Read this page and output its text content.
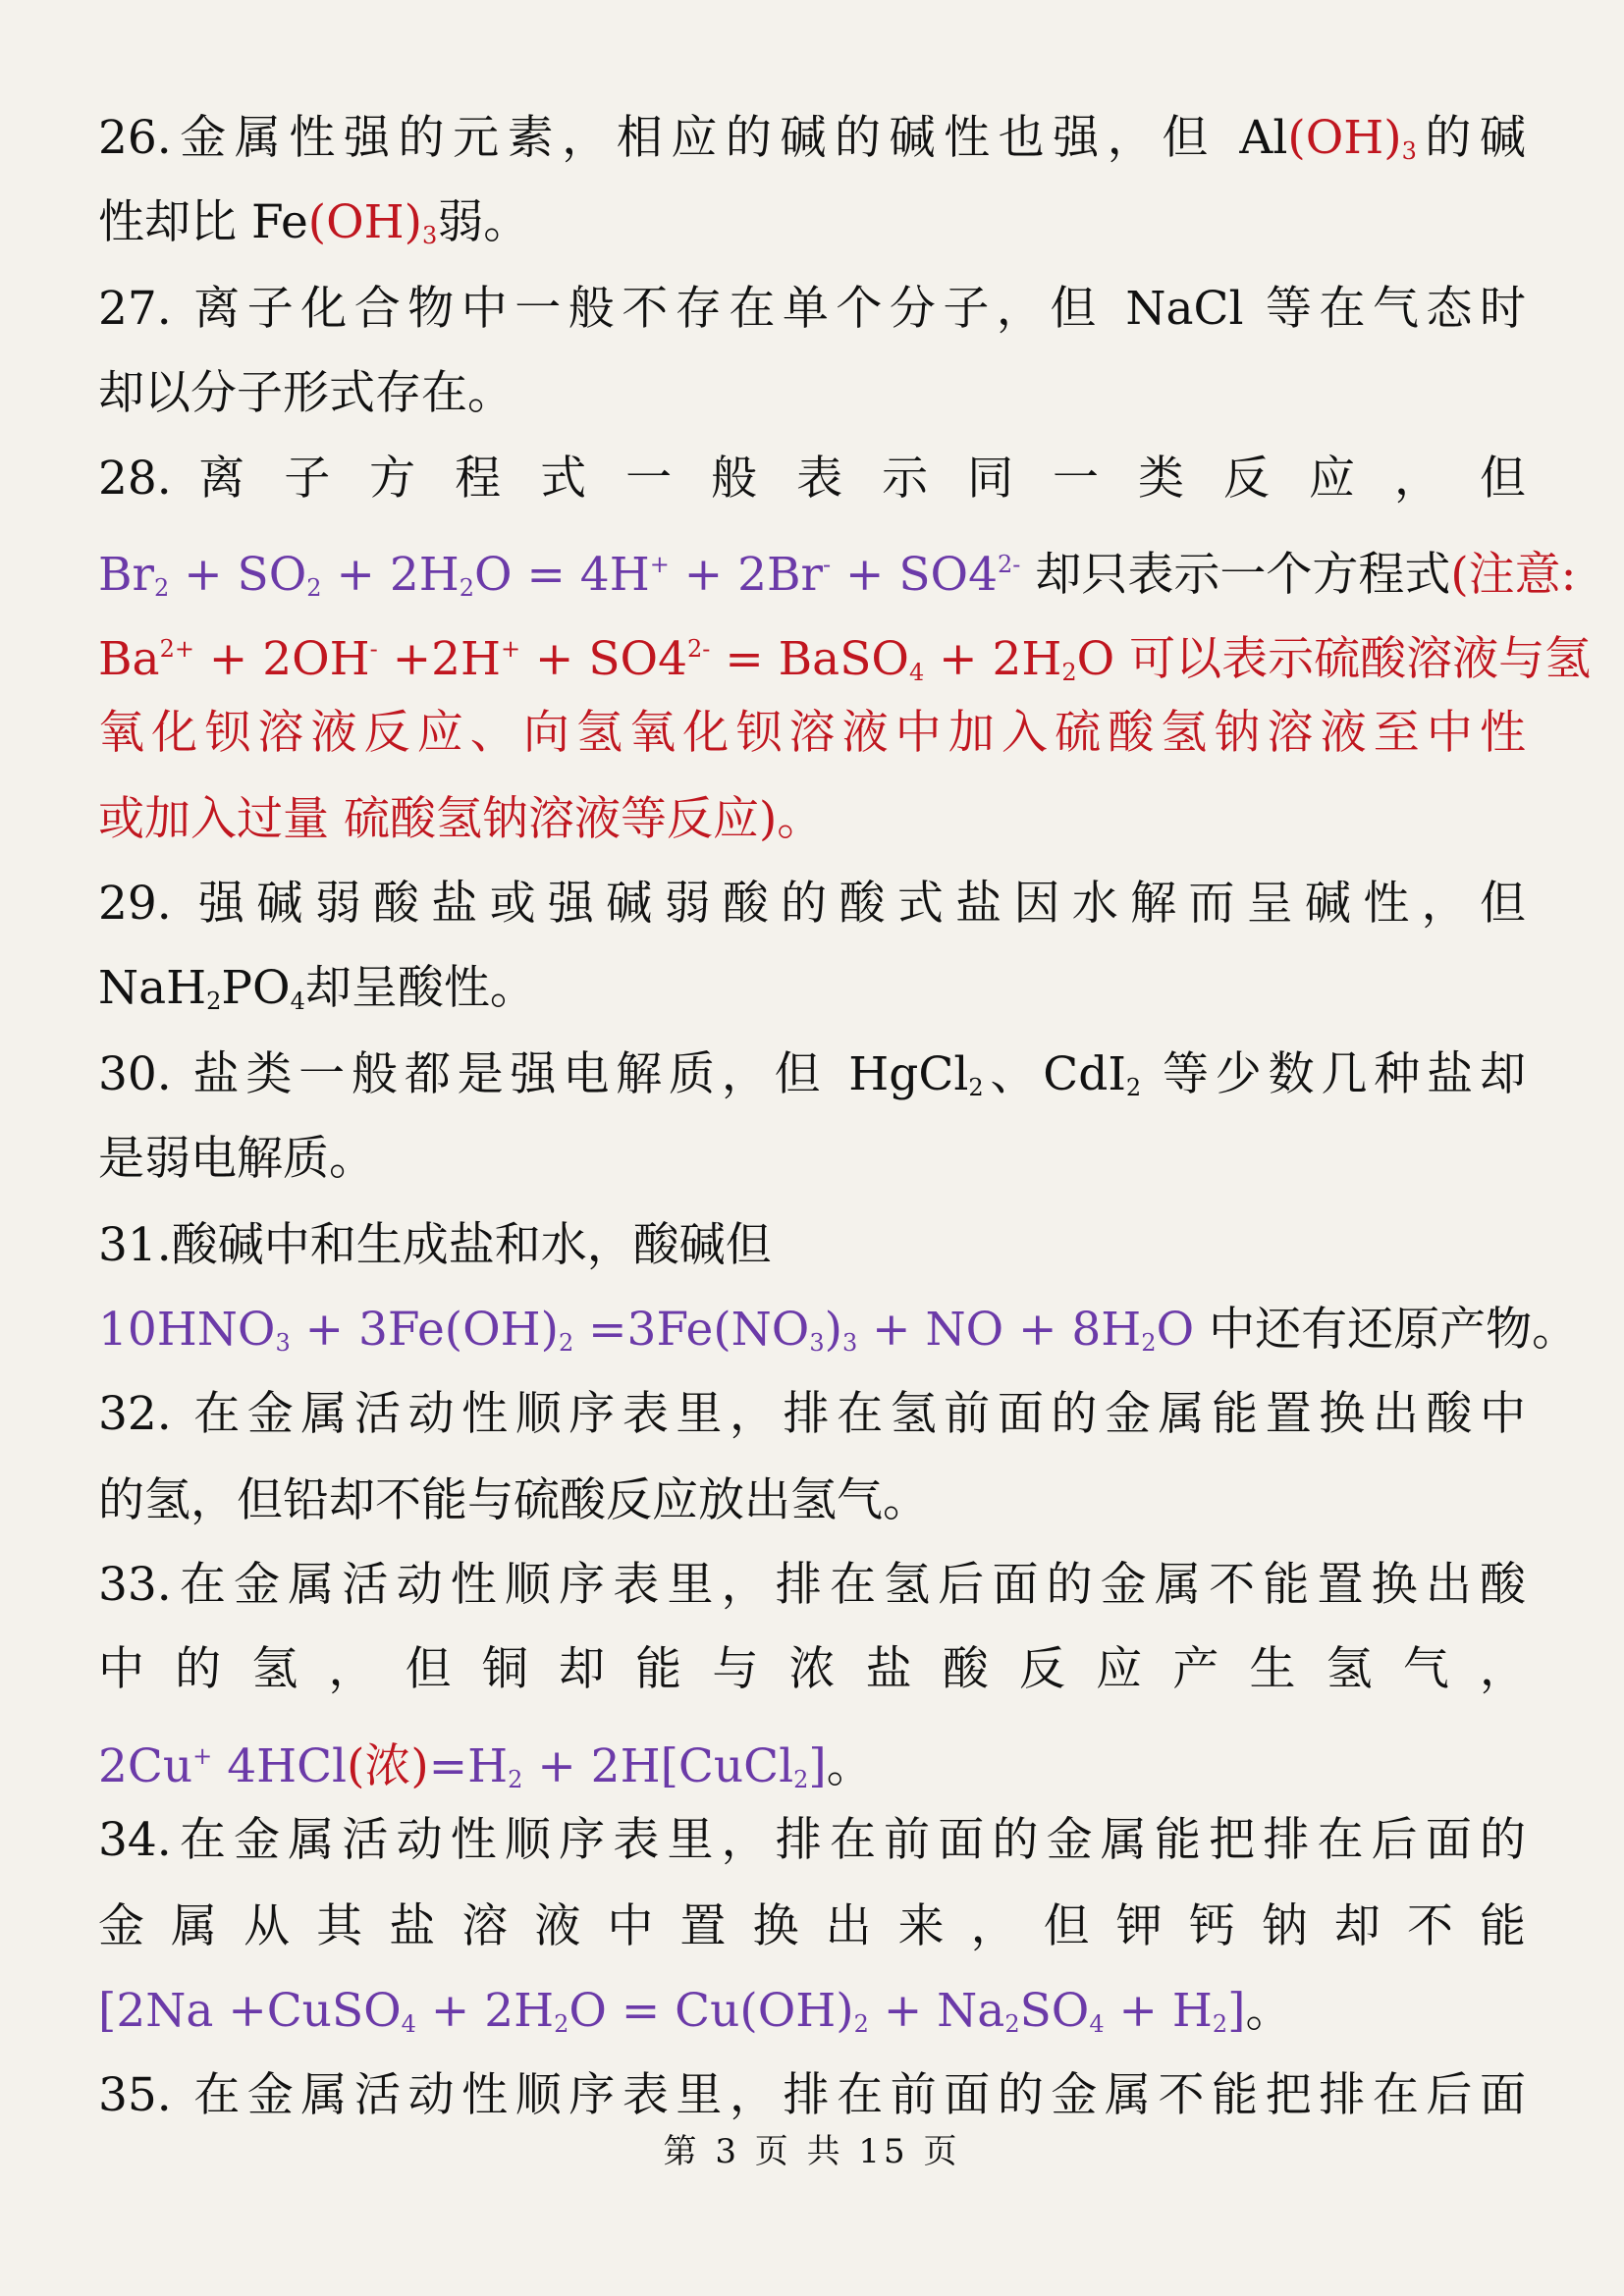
26.金属性强的元素，相应的碱的碱性也强，但 $Al(OH)_3$的碱
性却比 $Fe(OH)_3$弱。
27. 离子化合物中一般不存在单个分子，但 NaCl 等在气态时
却以分子形式存在。
28. 离 子 方 程 式 一 般 表 示 同 一 类 反 应 ， 但
$Br_2 + SO_2 + 2H_2O = 4H^+ + 2Br^- + SO4^{2-}$ 却只表示一个方程式(注意:
$Ba^{2+} + 2OH^- +2H^+ + SO4^{2-}$ = BaSO$_4$ + $2H_2O$ 可以表示硫酸溶液与氢
氧化钡溶液反应、向氢氧化钡溶液中加入硫酸氢钠溶液至中性
或加入过量 硫酸氢钠溶液等反应)。
29. 强碱弱酸盐或强碱弱酸的酸式盐因水解而呈碱性，但
$NaH_2PO_4$却呈酸性。
30. 盐类一般都是强电解质，但 HgCl$_2$、CdI$_2$ 等少数几种盐却
是弱电解质。
31.酸碱中和生成盐和水，酸碱但
$10HNO_3 + 3Fe(OH)_2 =3Fe(NO_3)_3$ + NO + $8H_2O$ 中还有还原产物。
32. 在金属活动性顺序表里，排在氢前面的金属能置换出酸中
的氢，但铅却不能与硫酸反应放出氢气。
33.在金属活动性顺序表里，排在氢后面的金属不能置换出酸
中 的 氢 ， 但 铜 却 能 与 浓 盐 酸 反 应 产 生 氢 气 ，
2Cu+ 4HCl(浓)$=H_2$ + 2H[CuCl$_2$]。
34.在金属活动性顺序表里，排在前面的金属能把排在后面的
金 属 从 其 盐 溶 液 中 置 换 出 来 ， 但 钾 钙 钠 却 不 能
[2Na +CuSO$_4$ + $2H_2O = Cu(OH)_2 + Na_2SO_4 + H_2$]。
35. 在金属活动性顺序表里，排在前面的金属不能把排在后面
第 3 页 共 15 页
